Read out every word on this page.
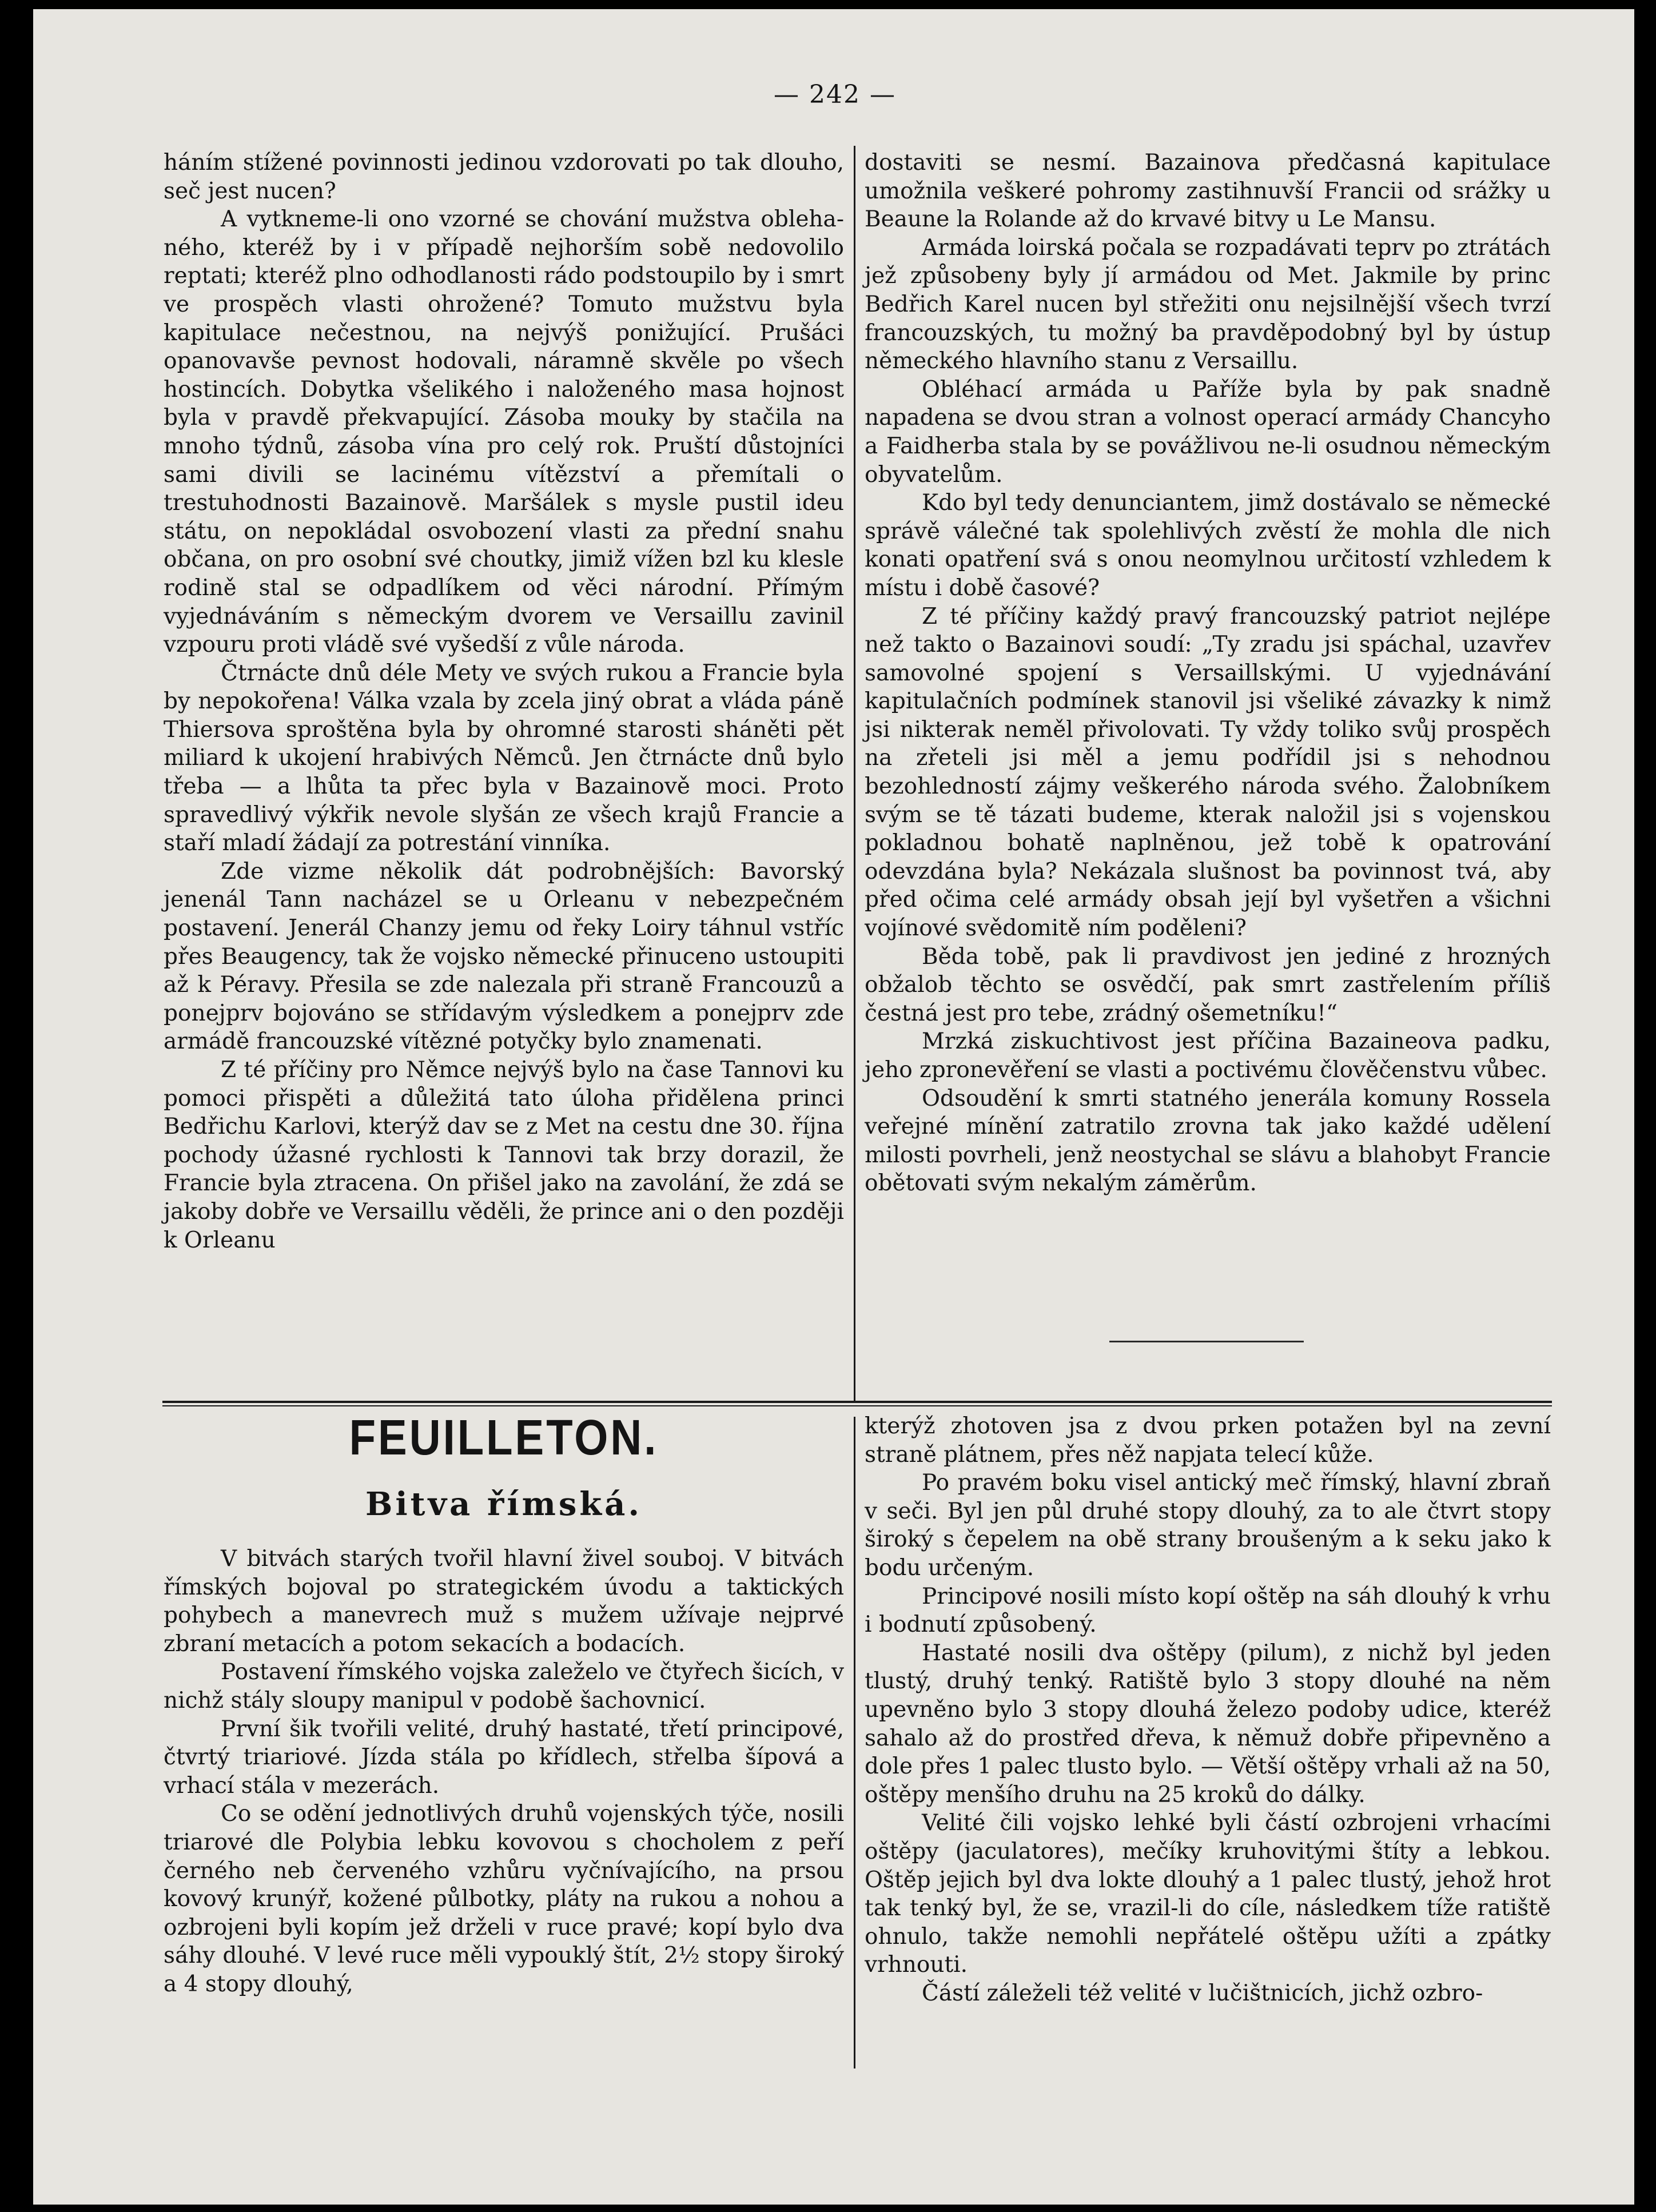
— 242 —

háním stížené povinnosti jedinou vzdorovati po tak dlouho, seč jest nucen?

A vytkneme-li ono vzorné se chování mužstva oblehaného, kteréž by i v případě nejhorším sobě nedovolilo reptati; kteréž plno odhodlanosti rádo podstoupilo by i smrt ve prospěch vlasti ohrožené? Tomuto mužstvu byla kapitulace nečestnou, na nejvýš ponižující. Prušáci opanovavše pevnost hodovali, náramně skvěle po všech hostincích. Dobytka všelikého i naloženého masa hojnost byla v pravdě překvapující. Zásoba mouky by stačila na mnoho týdnů, zásoba vína pro celý rok. Pruští důstojníci sami divili se lacinému vítězství a přemítali o trestuhodnosti Bazainově. Maršálek s mysle pustil ideu státu, on nepokládal osvobození vlasti za přední snahu občana, on pro osobní své choutky, jimiž vížen bzl ku klesle rodině stal se odpadlíkem od věci národní. Přímým vyjednáváním s německým dvorem ve Versaillu zavinil vzpouru proti vládě své vyšedší z vůle národa.

Čtrnácte dnů déle Mety ve svých rukou a Francie byla by nepokořena! Válka vzala by zcela jiný obrat a vláda páně Thiersova sproštěna byla by ohromné starosti sháněti pět miliard k ukojení hrabivých Němců. Jen čtrnácte dnů bylo třeba — a lhůta ta přec byla v Bazainově moci. Proto spravedlivý výkřik nevole slyšán ze všech krajů Francie a staří mladí žádají za potrestání vinníka.

Zde vizme několik dát podrobnějších: Bavorský jenenál Tann nacházel se u Orleanu v nebezpečném postavení. Jenerál Chanzy jemu od řeky Loiry táhnul vstříc přes Beaugency, tak že vojsko německé přinuceno ustoupiti až k Péravy. Přesila se zde nalezala při straně Francouzů a ponejprv bojováno se střídavým výsledkem a ponejprv zde armádě francouzské vítězné potyčky bylo znamenati.

Z té příčiny pro Němce nejvýš bylo na čase Tannovi ku pomoci přispěti a důležitá tato úloha přidělena princi Bedřichu Karlovi, kterýž dav se z Met na cestu dne 30. října pochody úžasné rychlosti k Tannovi tak brzy dorazil, že Francie byla ztracena. On přišel jako na zavolání, že zdá se jakoby dobře ve Versaillu věděli, že prince ani o den později k Orleanu

dostaviti se nesmí. Bazainova předčasná kapitulace umožnila veškeré pohromy zastihnuvší Francii od srážky u Beaune la Rolande až do krvavé bitvy u Le Mansu.

Armáda loirská počala se rozpadávati teprv po ztrátách jež způsobeny byly jí armádou od Met. Jakmile by princ Bedřich Karel nucen byl střežiti onu nejsilnější všech tvrzí francouzských, tu možný ba pravděpodobný byl by ústup německého hlavního stanu z Versaillu.

Obléhací armáda u Paříže byla by pak snadně napadena se dvou stran a volnost operací armády Chancyho a Faidherba stala by se povážlivou ne-li osudnou německým obyvatelům.

Kdo byl tedy denunciantem, jimž dostávalo se německé správě válečné tak spolehlivých zvěstí že mohla dle nich konati opatření svá s onou neomylnou určitostí vzhledem k místu i době časové?

Z té příčiny každý pravý francouzský patriot nejlépe než takto o Bazainovi soudí: „Ty zradu jsi spáchal, uzavřev samovolné spojení s Versaillskými. U vyjednávání kapitulačních podmínek stanovil jsi všeliké závazky k nimž jsi nikterak neměl přivolovati. Ty vždy toliko svůj prospěch na zřeteli jsi měl a jemu podřídil jsi s nehodnou bezohledností zájmy veškerého národa svého. Žalobníkem svým se tě tázati budeme, kterak naložil jsi s vojenskou pokladnou bohatě naplněnou, jež tobě k opatrování odevzdána byla? Nekázala slušnost ba povinnost tvá, aby před očima celé armády obsah její byl vyšetřen a všichni vojínové svědomitě ním poděleni?

Běda tobě, pak li pravdivost jen jediné z hrozných obžalob těchto se osvědčí, pak smrt zastřelením příliš čestná jest pro tebe, zrádný ošemetníku!“

Mrzká ziskuchtivost jest příčina Bazaineova padku, jeho zpronevěření se vlasti a poctivému člověčenstvu vůbec.

Odsoudění k smrti statného jenerála komuny Rossela veřejné mínění zatratilo zrovna tak jako každé udělení milosti povrheli, jenž neostychal se slávu a blahobyt Francie obětovati svým nekalým záměrům.

FEUILLETON.
Bitva římská.

V bitvách starých tvořil hlavní živel souboj. V bitvách římských bojoval po strategickém úvodu a taktických pohybech a manevrech muž s mužem užívaje nejprvé zbraní metacích a potom sekacích a bodacích.

Postavení římského vojska zaleželo ve čtyřech šicích, v nichž stály sloupy manipul v podobě šachovnicí.

První šik tvořili velité, druhý hastaté, třetí principové, čtvrtý triariové. Jízda stála po křídlech, střelba šípová a vrhací stála v mezerách.

Co se odění jednotlivých druhů vojenských týče, nosili triarové dle Polybia lebku kovovou s chocholem z peří černého neb červeného vzhůru vyčnívajícího, na prsou kovový krunýř, kožené půlbotky, pláty na rukou a nohou a ozbrojeni byli kopím jež drželi v ruce pravé; kopí bylo dva sáhy dlouhé. V levé ruce měli vypouklý štít, 2½ stopy široký a 4 stopy dlouhý,

kterýž zhotoven jsa z dvou prken potažen byl na zevní straně plátnem, přes něž napjata telecí kůže.

Po pravém boku visel antický meč římský, hlavní zbraň v seči. Byl jen půl druhé stopy dlouhý, za to ale čtvrt stopy široký s čepelem na obě strany broušeným a k seku jako k bodu určeným.

Principové nosili místo kopí oštěp na sáh dlouhý k vrhu i bodnutí způsobený.

Hastaté nosili dva oštěpy (pilum), z nichž byl jeden tlustý, druhý tenký. Ratiště bylo 3 stopy dlouhé na něm upevněno bylo 3 stopy dlouhá železo podoby udice, kteréž sahalo až do prostřed dřeva, k němuž dobře připevněno a dole přes 1 palec tlusto bylo. — Větší oštěpy vrhali až na 50, oštěpy menšího druhu na 25 kroků do dálky.

Velité čili vojsko lehké byli částí ozbrojeni vrhacími oštěpy (jaculatores), mečíky kruhovitými štíty a lebkou. Oštěp jejich byl dva lokte dlouhý a 1 palec tlustý, jehož hrot tak tenký byl, že se, vrazil-li do cíle, následkem tíže ratiště ohnulo, takže nemohli nepřátelé oštěpu užíti a zpátky vrhnouti.

Částí záleželi též velité v lučištnicích, jichž ozbro-
